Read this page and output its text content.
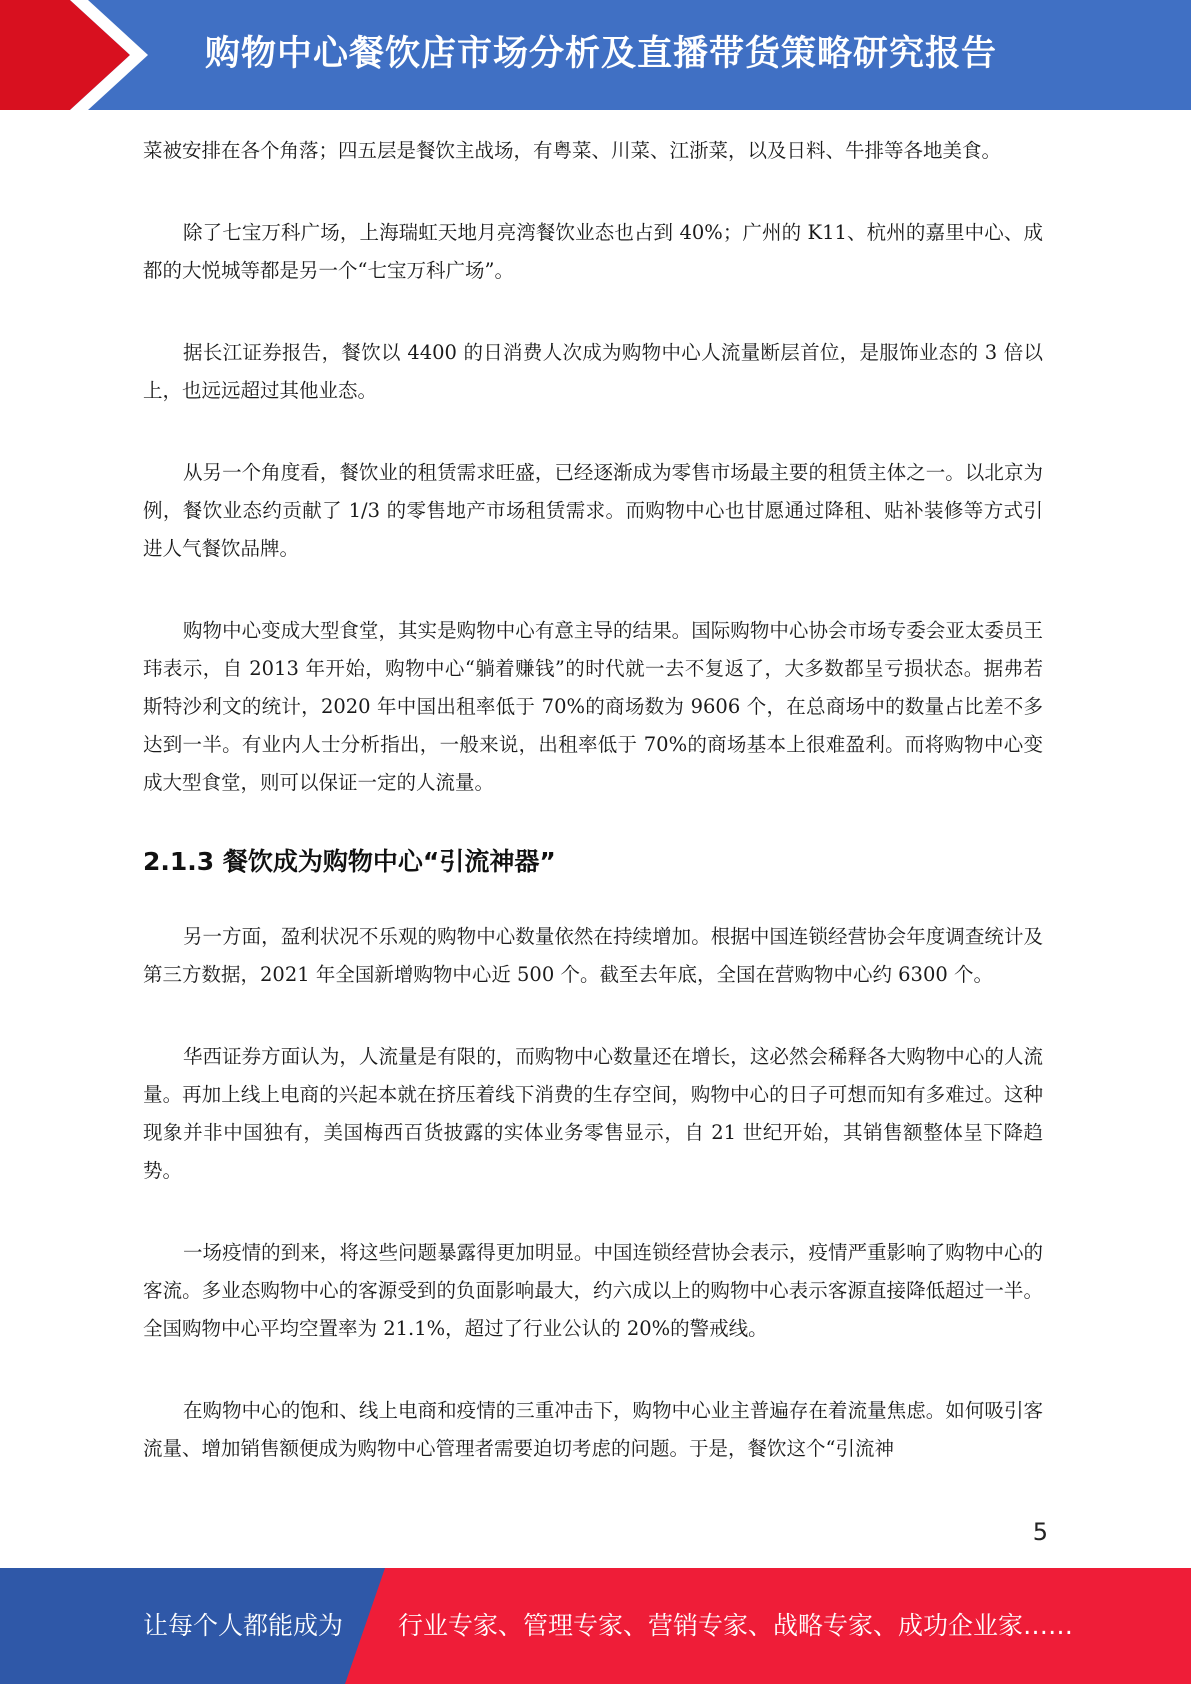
购物中心餐饮店市场分析及直播带货策略研究报告

菜被安排在各个角落；四五层是餐饮主战场，有粤菜、川菜、江浙菜，以及日料、牛排等各地美食。

除了七宝万科广场，上海瑞虹天地月亮湾餐饮业态也占到 40%；广州的 K11、杭州的嘉里中心、成都的大悦城等都是另一个“七宝万科广场”。

据长江证券报告，餐饮以 4400 的日消费人次成为购物中心人流量断层首位，是服饰业态的 3 倍以上，也远远超过其他业态。

从另一个角度看，餐饮业的租赁需求旺盛，已经逐渐成为零售市场最主要的租赁主体之一。以北京为例，餐饮业态约贡献了 1/3 的零售地产市场租赁需求。而购物中心也甘愿通过降租、贴补装修等方式引进人气餐饮品牌。

购物中心变成大型食堂，其实是购物中心有意主导的结果。国际购物中心协会市场专委会亚太委员王玮表示，自 2013 年开始，购物中心“躺着赚钱”的时代就一去不复返了，大多数都呈亏损状态。据弗若斯特沙利文的统计，2020 年中国出租率低于 70%的商场数为 9606 个，在总商场中的数量占比差不多达到一半。有业内人士分析指出，一般来说，出租率低于 70%的商场基本上很难盈利。而将购物中心变成大型食堂，则可以保证一定的人流量。

2.1.3 餐饮成为购物中心“引流神器”

另一方面，盈利状况不乐观的购物中心数量依然在持续增加。根据中国连锁经营协会年度调查统计及第三方数据，2021 年全国新增购物中心近 500 个。截至去年底，全国在营购物中心约 6300 个。

华西证券方面认为，人流量是有限的，而购物中心数量还在增长，这必然会稀释各大购物中心的人流量。再加上线上电商的兴起本就在挤压着线下消费的生存空间，购物中心的日子可想而知有多难过。这种现象并非中国独有，美国梅西百货披露的实体业务零售显示，自 21 世纪开始，其销售额整体呈下降趋势。

一场疫情的到来，将这些问题暴露得更加明显。中国连锁经营协会表示，疫情严重影响了购物中心的客流。多业态购物中心的客源受到的负面影响最大，约六成以上的购物中心表示客源直接降低超过一半。全国购物中心平均空置率为 21.1%，超过了行业公认的 20%的警戒线。

在购物中心的饱和、线上电商和疫情的三重冲击下，购物中心业主普遍存在着流量焦虑。如何吸引客流量、增加销售额便成为购物中心管理者需要迫切考虑的问题。于是，餐饮这个“引流神

5
让每个人都能成为 行业专家、管理专家、营销专家、战略专家、成功企业家……
